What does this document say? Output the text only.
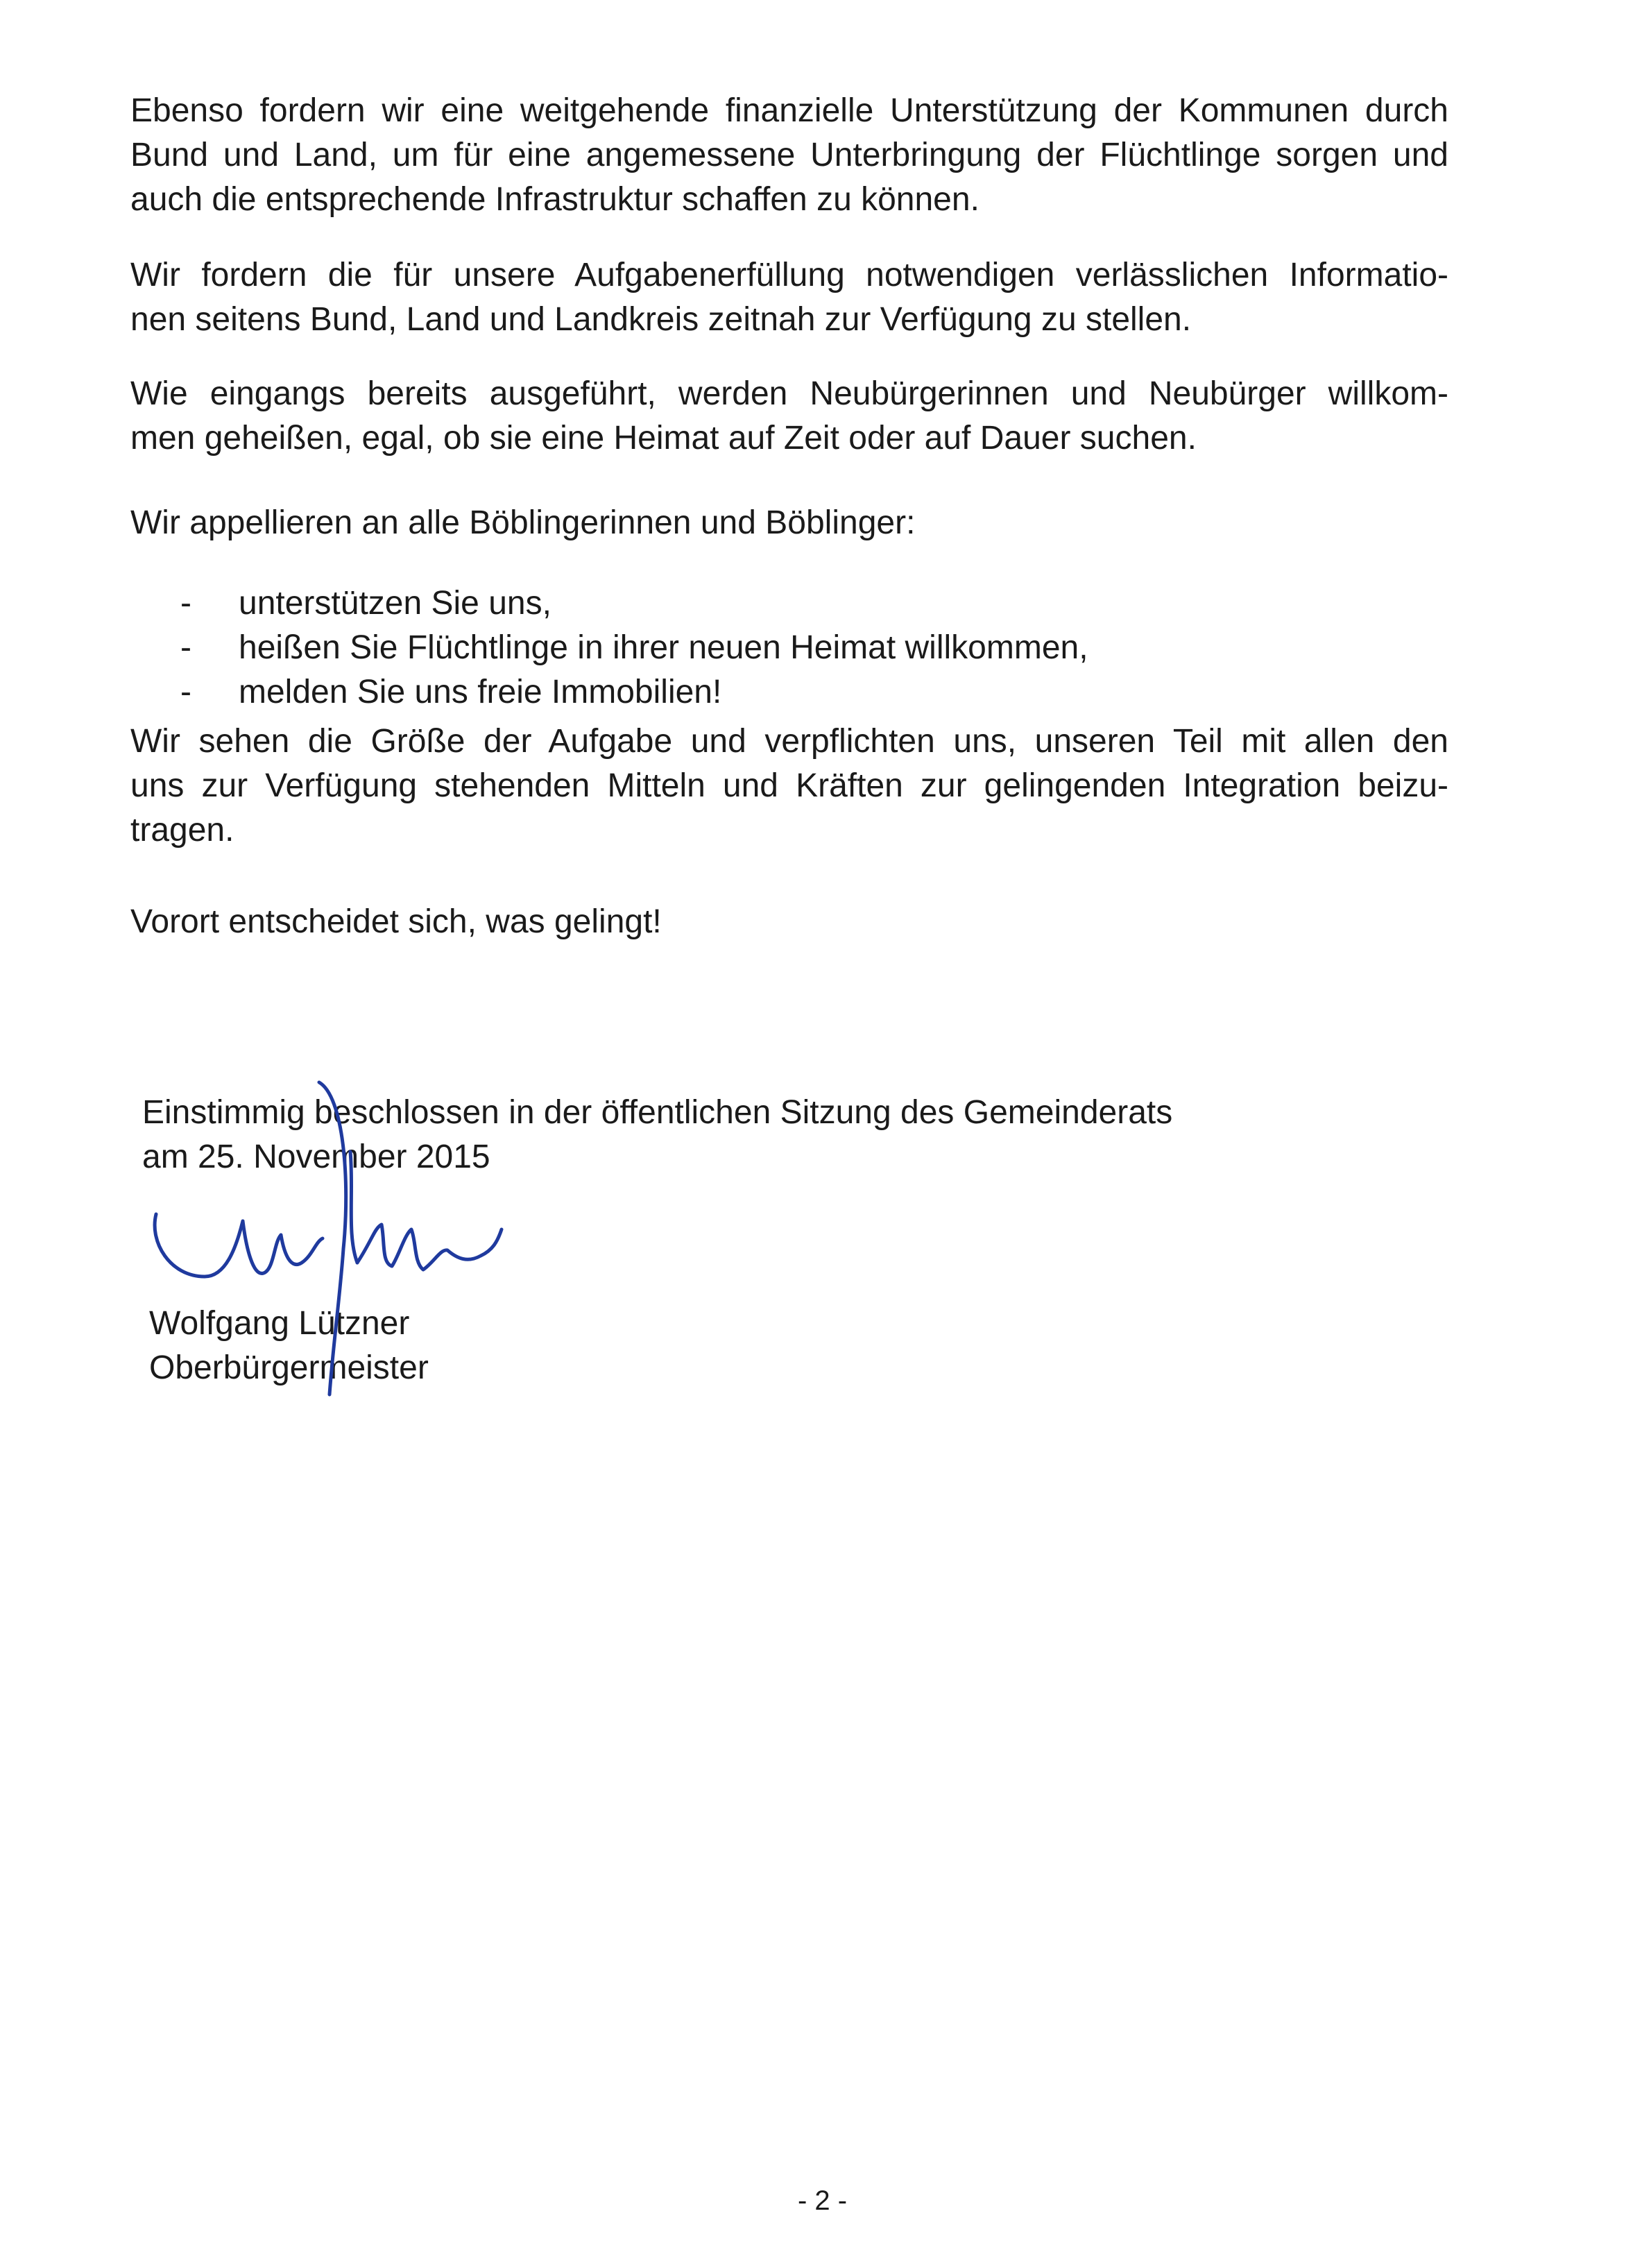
Ebenso fordern wir eine weitgehende finanzielle Unterstützung der Kommunen durch
Bund und Land, um für eine angemessene Unterbringung der Flüchtlinge sorgen und
auch die entsprechende Infrastruktur schaffen zu können.

Wir fordern die für unsere Aufgabenerfüllung notwendigen verlässlichen Informatio-
nen seitens Bund, Land und Landkreis zeitnah zur Verfügung zu stellen.

Wie eingangs bereits ausgeführt, werden Neubürgerinnen und Neubürger willkom-
men geheißen, egal, ob sie eine Heimat auf Zeit oder auf Dauer suchen.

Wir appellieren an alle Böblingerinnen und Böblinger:

- unterstützen Sie uns,
- heißen Sie Flüchtlinge in ihrer neuen Heimat willkommen,
- melden Sie uns freie Immobilien!

Wir sehen die Größe der Aufgabe und verpflichten uns, unseren Teil mit allen den
uns zur Verfügung stehenden Mitteln und Kräften zur gelingenden Integration beizu-
tragen.

Vorort entscheidet sich, was gelingt!

Einstimmig beschlossen in der öffentlichen Sitzung des Gemeinderats
am 25. November 2015

Wolfgang Lützner
Oberbürgermeister

- 2 -
